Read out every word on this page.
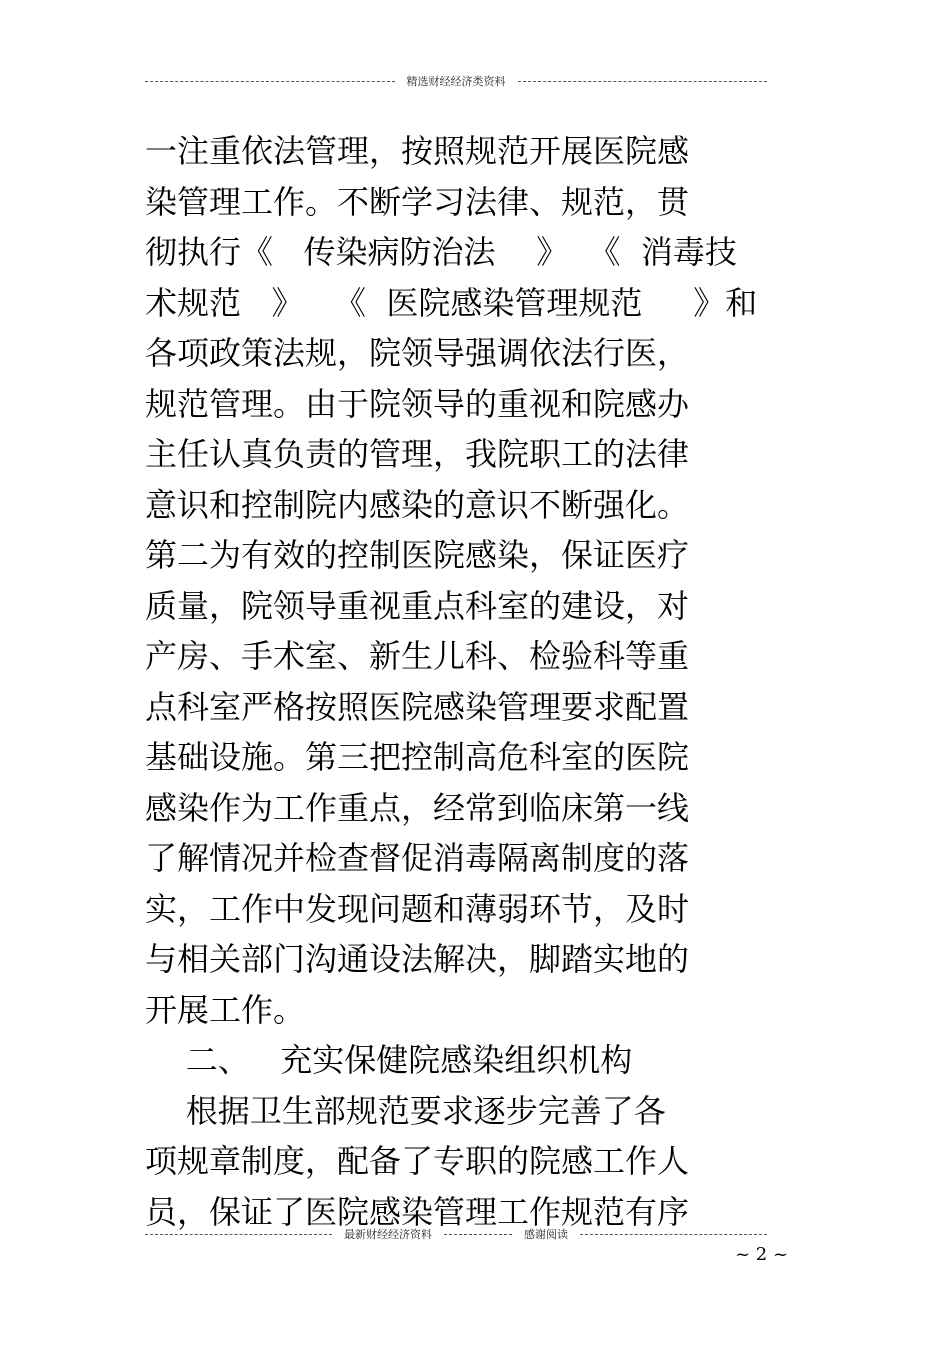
精选财经经济类资料
一注重依法管理，按照规范开展医院感
染管理工作。不断学习法律、规范，贯
彻执行《   传染病防治法    》  《  消毒技
术规范   》   《  医院感染管理规范     》和
各项政策法规，院领导强调依法行医，
规范管理。由于院领导的重视和院感办
主任认真负责的管理，我院职工的法律
意识和控制院内感染的意识不断强化。
第二为有效的控制医院感染，保证医疗
质量，院领导重视重点科室的建设，对
产房、手术室、新生儿科、检验科等重
点科室严格按照医院感染管理要求配置
基础设施。第三把控制高危科室的医院
感染作为工作重点，经常到临床第一线
了解情况并检查督促消毒隔离制度的落
实，工作中发现问题和薄弱环节，及时
与相关部门沟通设法解决，脚踏实地的
开展工作。
二、   充实保健院感染组织机构
根据卫生部规范要求逐步完善了各
项规章制度，配备了专职的院感工作人
员，保证了医院感染管理工作规范有序
最新财经经济资料	感谢阅读
~ 2 ~
